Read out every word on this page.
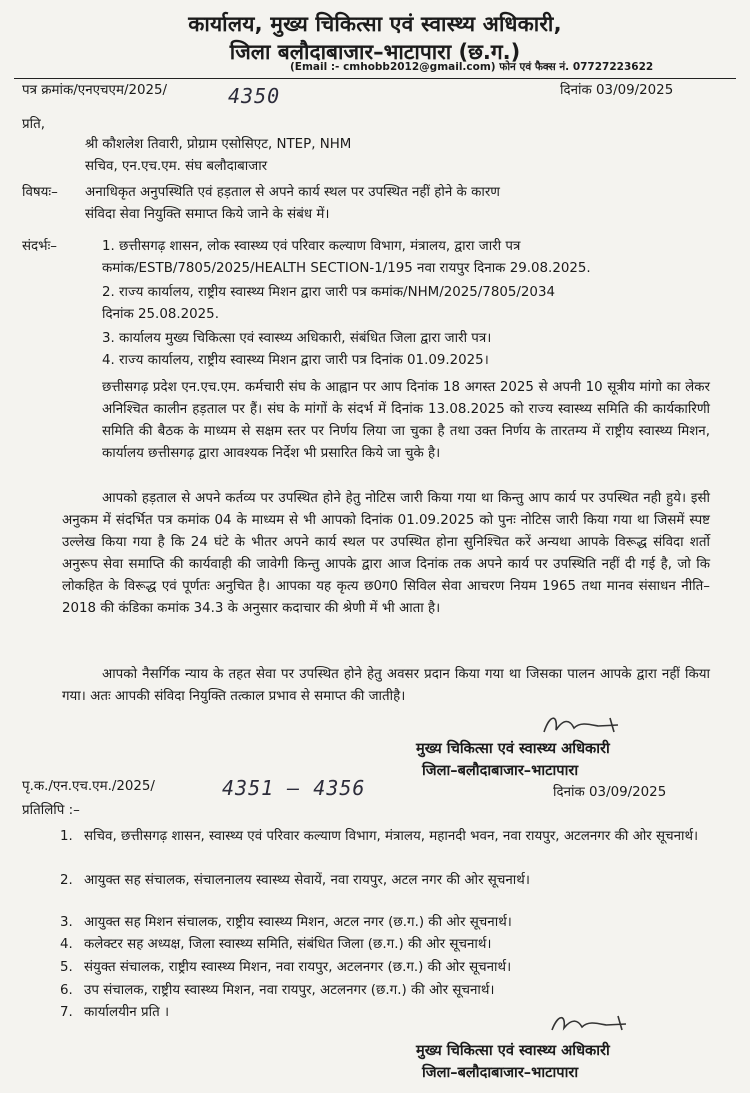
कार्यालय, मुख्य चिकित्सा एवं स्वास्थ्य अधिकारी,
जिला बलौदाबाजार–भाटापारा (छ.ग.)
(Email :- cmhobb2012@gmail.com) फोन एवं फैक्स नं. 07727223622
पत्र क्रमांक/एनएचएम/2025/	4350	दिनांक 03/09/2025
प्रति,
श्री कौशलेश तिवारी, प्रोग्राम एसोसिएट, NTEP, NHM
सचिव, एन.एच.एम. संघ बलौदाबाजार
विषयः– अनाधिकृत अनुपस्थिति एवं हड़ताल से अपने कार्य स्थल पर उपस्थित नहीं होने के कारण
संविदा सेवा नियुक्ति समाप्त किये जाने के संबंध में।
संदर्भः–	1. छत्तीसगढ़ शासन, लोक स्वास्थ्य एवं परिवार कल्याण विभाग, मंत्रालय, द्वारा जारी पत्र
कमांक/ESTB/7805/2025/HEALTH SECTION-1/195 नवा रायपुर दिनाक 29.08.2025.
2. राज्य कार्यालय, राष्ट्रीय स्वास्थ्य मिशन द्वारा जारी पत्र कमांक/NHM/2025/7805/2034
दिनांक 25.08.2025.
3. कार्यालय मुख्य चिकित्सा एवं स्वास्थ्य अधिकारी, संबंधित जिला द्वारा जारी पत्र।
4. राज्य कार्यालय, राष्ट्रीय स्वास्थ्य मिशन द्वारा जारी पत्र दिनांक 01.09.2025।

छत्तीसगढ़ प्रदेश एन.एच.एम. कर्मचारी संघ के आह्वान पर आप दिनांक 18 अगस्त 2025 से अपनी 10 सूत्रीय मांगो का लेकर अनिश्चित कालीन हड़ताल पर हैं। संघ के मांगों के संदर्भ में दिनांक 13.08.2025 को राज्य स्वास्थ्य समिति की कार्यकारिणी समिति की बैठक के माध्यम से सक्षम स्तर पर निर्णय लिया जा चुका है तथा उक्त निर्णय के तारतम्य में राष्ट्रीय स्वास्थ्य मिशन, कार्यालय छत्तीसगढ़ द्वारा आवश्यक निर्देश भी प्रसारित किये जा चुके है।

आपको हड़ताल से अपने कर्तव्य पर उपस्थित होने हेतु नोटिस जारी किया गया था किन्तु आप कार्य पर उपस्थित नही हुये। इसी अनुकम में संदर्भित पत्र कमांक 04 के माध्यम से भी आपको दिनांक 01.09.2025 को पुनः नोटिस जारी किया गया था जिसमें स्पष्ट उल्लेख किया गया है कि 24 घंटे के भीतर अपने कार्य स्थल पर उपस्थित होना सुनिश्चित करें अन्यथा आपके विरूद्ध संविदा शर्तो अनुरूप सेवा समाप्ति की कार्यवाही की जावेगी किन्तु आपके द्वारा आज दिनांक तक अपने कार्य पर उपस्थिति नहीं दी गई है, जो कि लोकहित के विरूद्ध एवं पूर्णतः अनुचित है। आपका यह कृत्य छ0ग0 सिविल सेवा आचरण नियम 1965 तथा मानव संसाधन नीति–2018 की कंडिका कमांक 34.3 के अनुसार कदाचार की श्रेणी में भी आता है।

आपको नैसर्गिक न्याय के तहत सेवा पर उपस्थित होने हेतु अवसर प्रदान किया गया था जिसका पालन आपके द्वारा नहीं किया गया। अतः आपकी संविदा नियुक्ति तत्काल प्रभाव से समाप्त की जातीहै।

मुख्य चिकित्सा एवं स्वास्थ्य अधिकारी
जिला–बलौदाबाजार–भाटापारा
पृ.क./एन.एच.एम./2025/	4351 — 4356	दिनांक 03/09/2025
प्रतिलिपि :–
1. सचिव, छत्तीसगढ़ शासन, स्वास्थ्य एवं परिवार कल्याण विभाग, मंत्रालय, महानदी भवन, नवा रायपुर, अटलनगर की ओर सूचनार्थ।
2. आयुक्त सह संचालक, संचालनालय स्वास्थ्य सेवायें, नवा रायपुर, अटल नगर की ओर सूचनार्थ।
3. आयुक्त सह मिशन संचालक, राष्ट्रीय स्वास्थ्य मिशन, अटल नगर (छ.ग.) की ओर सूचनार्थ।
4. कलेक्टर सह अध्यक्ष, जिला स्वास्थ्य समिति, संबंधित जिला (छ.ग.) की ओर सूचनार्थ।
5. संयुक्त संचालक, राष्ट्रीय स्वास्थ्य मिशन, नवा रायपुर, अटलनगर (छ.ग.) की ओर सूचनार्थ।
6. उप संचालक, राष्ट्रीय स्वास्थ्य मिशन, नवा रायपुर, अटलनगर (छ.ग.) की ओर सूचनार्थ।
7. कार्यालयीन प्रति ।
मुख्य चिकित्सा एवं स्वास्थ्य अधिकारी
जिला–बलौदाबाजार–भाटापारा
